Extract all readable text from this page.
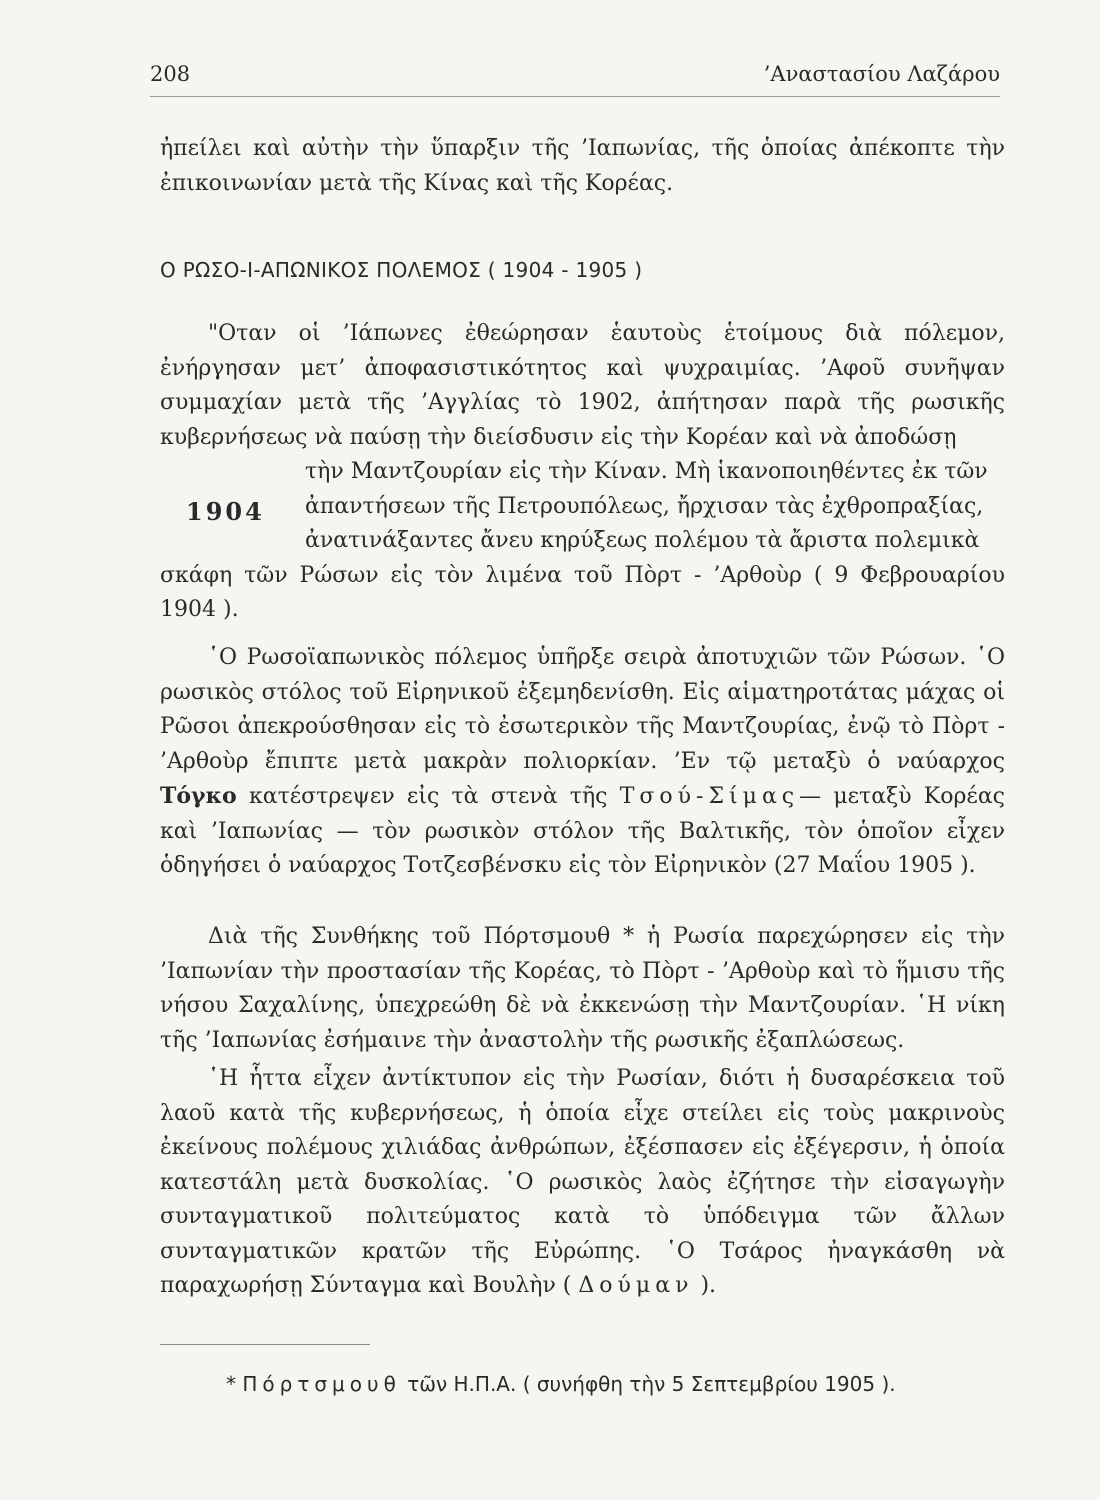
208	’Αναστασίου Λαζάρου

ἠπείλει καὶ αὐτὴν τὴν ὕπαρξιν τῆς ’Ιαπωνίας, τῆς ὁποίας ἀπέκοπτε τὴν ἐπικοινωνίαν μετὰ τῆς Κίνας καὶ τῆς Κορέας.

Ο ΡΩΣΟ-Ι-ΑΠΩΝΙΚΟΣ ΠΟΛΕΜΟΣ ( 1904 - 1905 )
1904

"Οταν οἱ ’Ιάπωνες ἐθεώρησαν ἑαυτοὺς ἑτοίμους διὰ πόλεμον, ἐνήργησαν μετ’ ἀποφασιστικότητος καὶ ψυχραιμίας. ’Αφοῦ συνῆψαν συμμαχίαν μετὰ τῆς ’Αγγλίας τὸ 1902, ἀπήτησαν παρὰ τῆς ρωσικῆς κυβερνήσεως νὰ παύσῃ τὴν διείσδυσιν εἰς τὴν Κορέαν καὶ νὰ ἀποδώσῃ
τὴν Μαντζουρίαν εἰς τὴν Κίναν. Μὴ ἱκανοποιηθέντες ἐκ τῶν
ἀπαντήσεων τῆς Πετρουπόλεως, ἤρχισαν τὰς ἐχθροπραξίας,
ἀνατινάξαντες ἄνευ κηρύξεως πολέμου τὰ ἄριστα πολεμικὰ
σκάφη τῶν Ρώσων εἰς τὸν λιμένα τοῦ Πὸρτ - ’Αρθοὺρ ( 9 Φεβρουαρίου 1904 ).

῾Ο Ρωσοϊαπωνικὸς πόλεμος ὑπῆρξε σειρὰ ἀποτυχιῶν τῶν Ρώσων. ῾Ο ρωσικὸς στόλος τοῦ Εἰρηνικοῦ ἐξεμηδενίσθη. Εἰς αἱματηροτάτας μάχας οἱ Ρῶσοι ἀπεκρούσθησαν εἰς τὸ ἐσωτερικὸν τῆς Μαντζουρίας, ἐνῷ τὸ Πὸρτ - ’Αρθοὺρ ἔπιπτε μετὰ μακρὰν πολιορκίαν. ’Εν τῷ μεταξὺ ὁ ναύαρχος Τόγκο κατέστρεψεν εἰς τὰ στενὰ τῆς Τσού-Σίμας— μεταξὺ Κορέας καὶ ’Ιαπωνίας — τὸν ρωσικὸν στόλον τῆς Βαλτικῆς, τὸν ὁποῖον εἶχεν ὁδηγήσει ὁ ναύαρχος Τοτζεσβένσκυ εἰς τὸν Εἰρηνικὸν (27 Μαΐου 1905 ).

Διὰ τῆς Συνθήκης τοῦ Πόρτσμουθ * ἡ Ρωσία παρεχώρησεν εἰς τὴν ’Ιαπωνίαν τὴν προστασίαν τῆς Κορέας, τὸ Πὸρτ - ’Αρθοὺρ καὶ τὸ ἥμισυ τῆς νήσου Σαχαλίνης, ὑπεχρεώθη δὲ νὰ ἐκκενώσῃ τὴν Μαντζουρίαν. ῾Η νίκη τῆς ’Ιαπωνίας ἐσήμαινε τὴν ἀναστολὴν τῆς ρωσικῆς ἐξαπλώσεως.

῾Η ἧττα εἶχεν ἀντίκτυπον εἰς τὴν Ρωσίαν, διότι ἡ δυσαρέσκεια τοῦ λαοῦ κατὰ τῆς κυβερνήσεως, ἡ ὁποία εἶχε στείλει εἰς τοὺς μακρινοὺς ἐκείνους πολέμους χιλιάδας ἀνθρώπων, ἐξέσπασεν εἰς ἐξέγερσιν, ἡ ὁποία κατεστάλη μετὰ δυσκολίας. ῾Ο ρωσικὸς λαὸς ἐζήτησε τὴν εἰσαγωγὴν συνταγματικοῦ πολιτεύματος κατὰ τὸ ὑπόδειγμα τῶν ἄλλων συνταγματικῶν κρατῶν τῆς Εὐρώπης. ῾Ο Τσάρος ἠναγκάσθη νὰ παραχωρήσῃ Σύνταγμα καὶ Βουλὴν ( Δούμαν ).

* Πόρτσμουθ τῶν Η.Π.Α. ( συνήφθη τὴν 5 Σεπτεμβρίου 1905 ).
